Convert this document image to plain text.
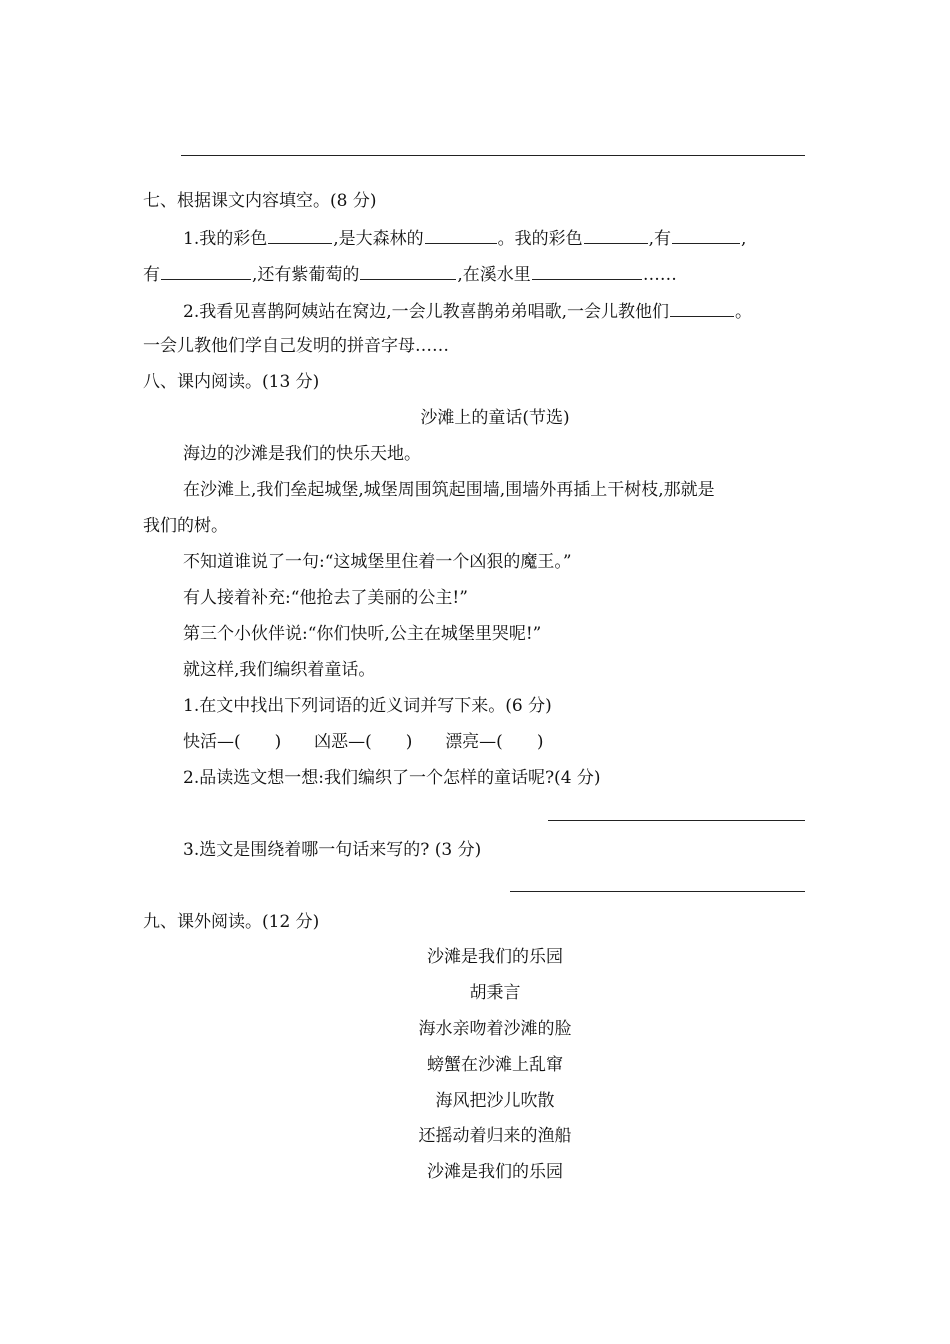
七、根据课文内容填空。(8 分)
1.我的彩色	,是大森林的	。我的彩色	,有	,
有	,还有紫葡萄的	,在溪水里	……
2.我看见喜鹊阿姨站在窝边,一会儿教喜鹊弟弟唱歌,一会儿教他们	。
一会儿教他们学自己发明的拼音字母……
八、课内阅读。(13 分)
沙滩上的童话(节选)
海边的沙滩是我们的快乐天地。
在沙滩上,我们垒起城堡,城堡周围筑起围墙,围墙外再插上干树枝,那就是
我们的树。
不知道谁说了一句:“这城堡里住着一个凶狠的魔王。”
有人接着补充:“他抢去了美丽的公主!”
第三个小伙伴说:“你们快听,公主在城堡里哭呢!”
就这样,我们编织着童话。
1.在文中找出下列词语的近义词并写下来。(6 分)
快活—( ) 凶恶—( ) 漂亮—( )
2.品读选文想一想:我们编织了一个怎样的童话呢?(4 分)
3.选文是围绕着哪一句话来写的? (3 分)
九、课外阅读。(12 分)
沙滩是我们的乐园
胡秉言
海水亲吻着沙滩的脸
螃蟹在沙滩上乱窜
海风把沙儿吹散
还摇动着归来的渔船
沙滩是我们的乐园
